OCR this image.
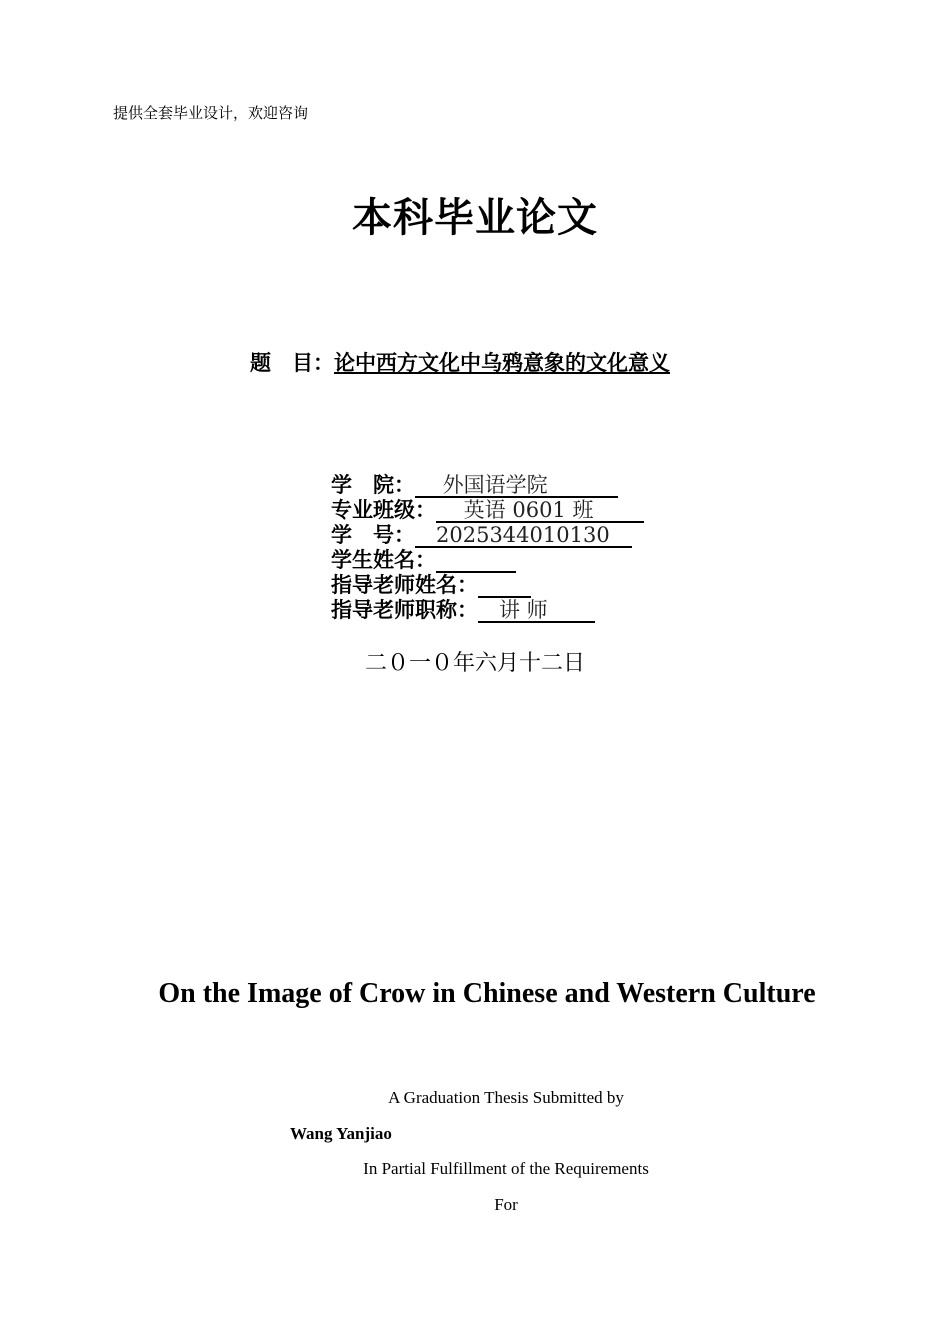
提供全套毕业设计，欢迎咨询
本科毕业论文
题　目：论中西方文化中乌鸦意象的文化意义
学　院：　 外国语学院　　
专业班级：　 英语 0601 班　　
学　号：　2025344010130　
学生姓名：　　　　
指导老师姓名：　　　
指导老师职称：　讲 师　
二０一０年六月十二日
On the Image of Crow in Chinese and Western Culture
A Graduation Thesis Submitted by
Wang Yanjiao
In Partial Fulfillment of the Requirements
For
